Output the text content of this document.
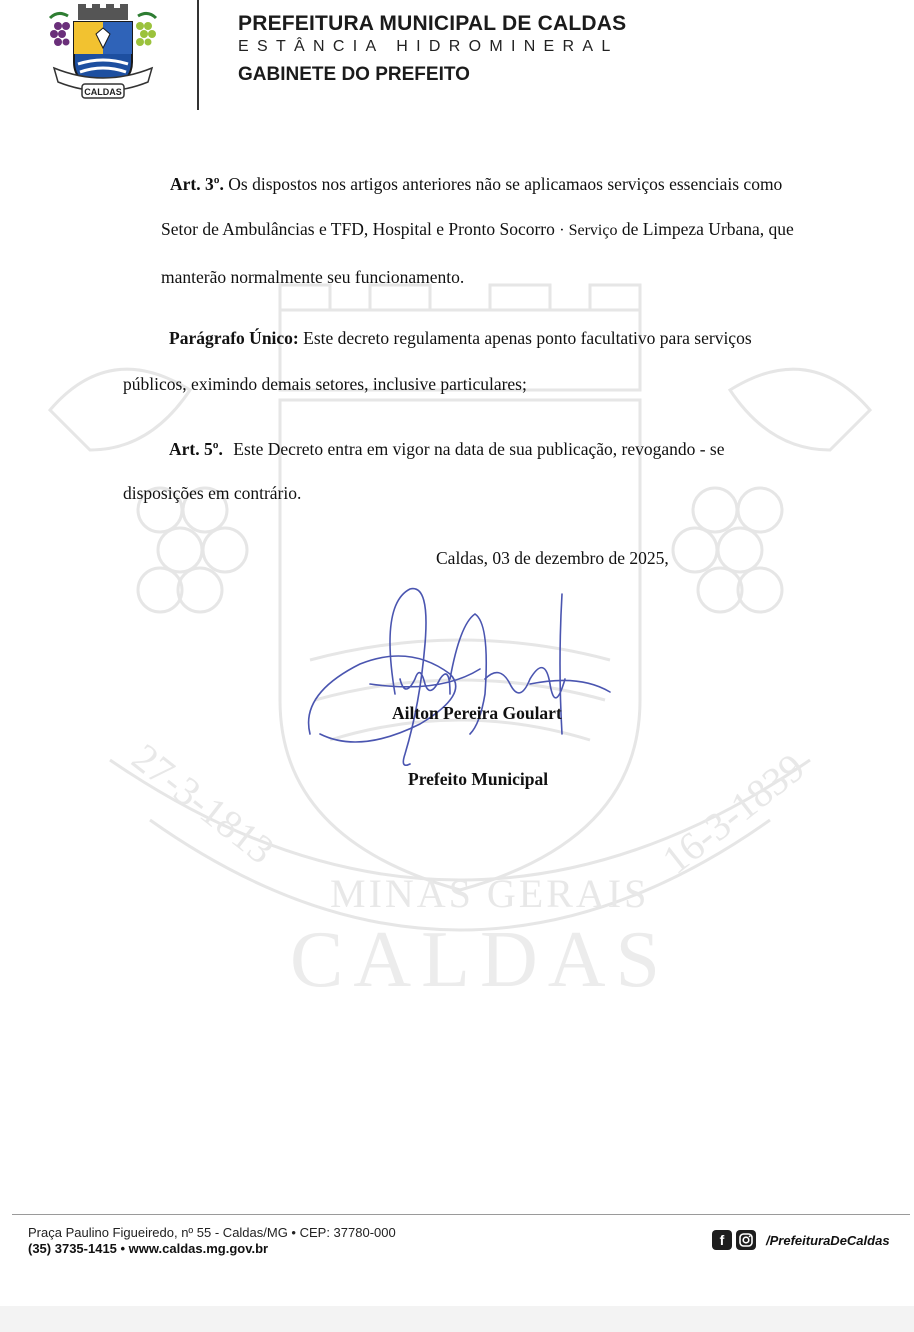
CALDAS
PREFEITURA MUNICIPAL DE CALDAS
ESTÂNCIA HIDROMINERAL
GABINETE DO PREFEITO
27-3-1813	16-3-1839
MINAS GERAIS
CALDAS
Art. 3º. Os dispostos nos artigos anteriores não se aplicamaos serviços essenciais como
Setor de Ambulâncias e TFD, Hospital e Pronto Socorro · Serviço de Limpeza Urbana, que
manterão normalmente seu funcionamento.
Parágrafo Único: Este decreto regulamenta apenas ponto facultativo para serviços
públicos, eximindo demais setores, inclusive particulares;
Art. 5º. Este Decreto entra em vigor na data de sua publicação, revogando - se
disposições em contrário.
Caldas, 03 de dezembro de 2025,
Ailton Pereira Goulart
Prefeito Municipal
Praça Paulino Figueiredo, nº 55 - Caldas/MG • CEP: 37780-000
(35) 3735-1415 • www.caldas.mg.gov.br
f	/PrefeituraDeCaldas
